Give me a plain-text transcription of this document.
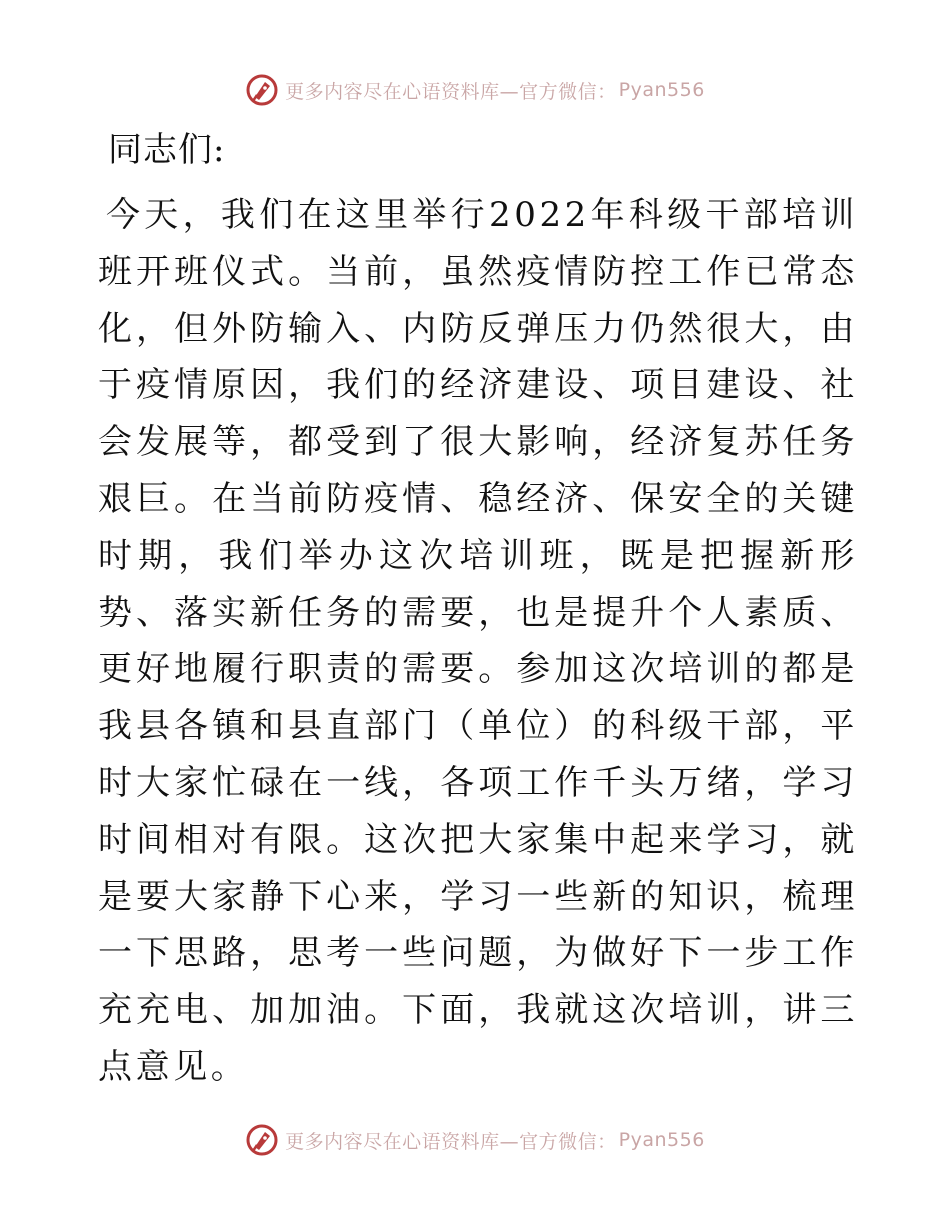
更多内容尽在心语资料库—官方微信： Pyan556

同志们:

今天，我们在这里举行2022年科级干部培训班开班仪式。当前，虽然疫情防控工作已常态化，但外防输入、内防反弹压力仍然很大，由于疫情原因，我们的经济建设、项目建设、社会发展等，都受到了很大影响，经济复苏任务艰巨。在当前防疫情、稳经济、保安全的关键时期，我们举办这次培训班，既是把握新形势、落实新任务的需要，也是提升个人素质、更好地履行职责的需要。参加这次培训的都是我县各镇和县直部门（单位）的科级干部，平时大家忙碌在一线，各项工作千头万绪，学习时间相对有限。这次把大家集中起来学习，就是要大家静下心来，学习一些新的知识，梳理一下思路，思考一些问题，为做好下一步工作充充电、加加油。下面，我就这次培训，讲三点意见。

更多内容尽在心语资料库—官方微信： Pyan556
